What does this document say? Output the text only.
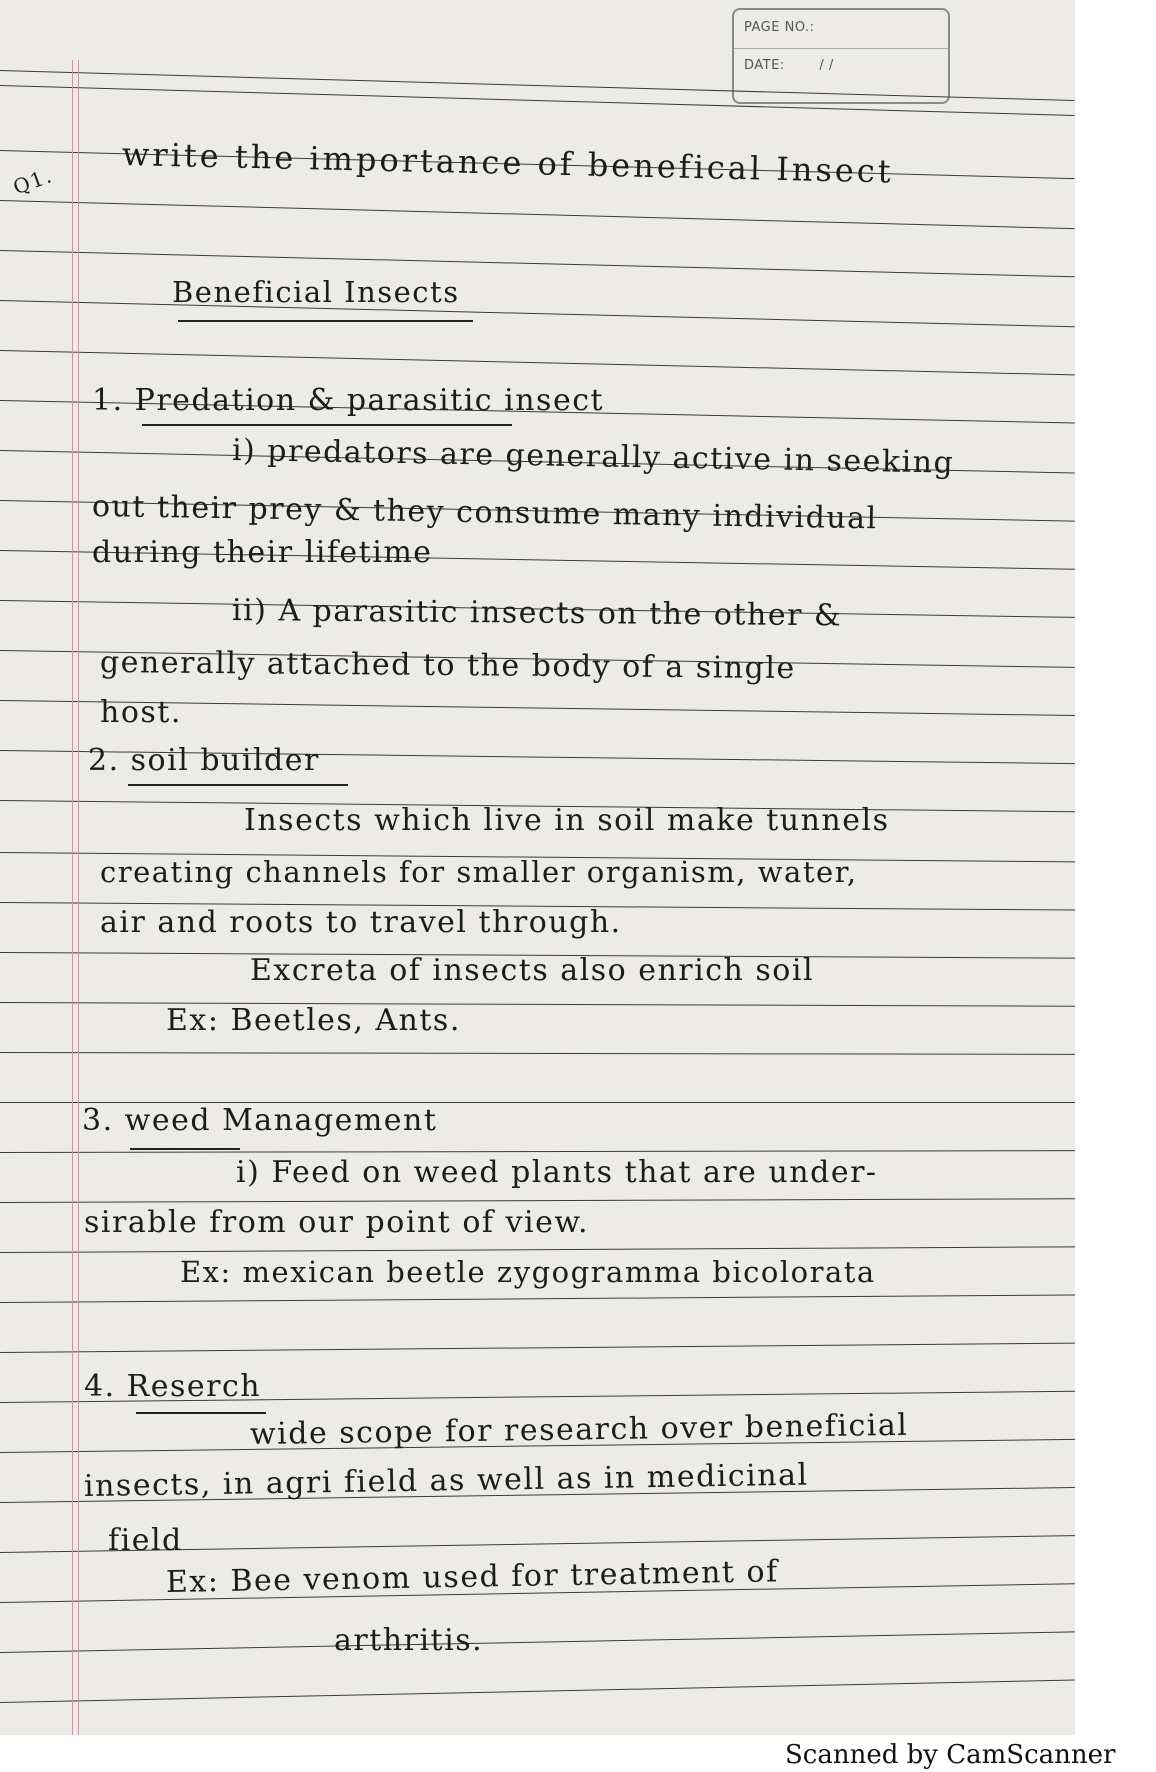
PAGE NO.:
DATE:	/ /
Q1. write the importance of benefical Insect
Beneficial Insects
1. Predation & parasitic insect
i) predators are generally active in seeking
out their prey & they consume many individual
during their lifetime
ii) A parasitic insects on the other &
generally attached to the body of a single
host.
2. soil builder
Insects which live in soil make tunnels
creating channels for smaller organism, water,
air and roots to travel through.
Excreta of insects also enrich soil
Ex: Beetles, Ants.
3. weed Management
i) Feed on weed plants that are under-
sirable from our point of view.
Ex: mexican beetle zygogramma bicolorata
4. Reserch
wide scope for research over beneficial
insects, in agri field as well as in medicinal
field
Ex: Bee venom used for treatment of
arthritis.
Scanned by CamScanner
